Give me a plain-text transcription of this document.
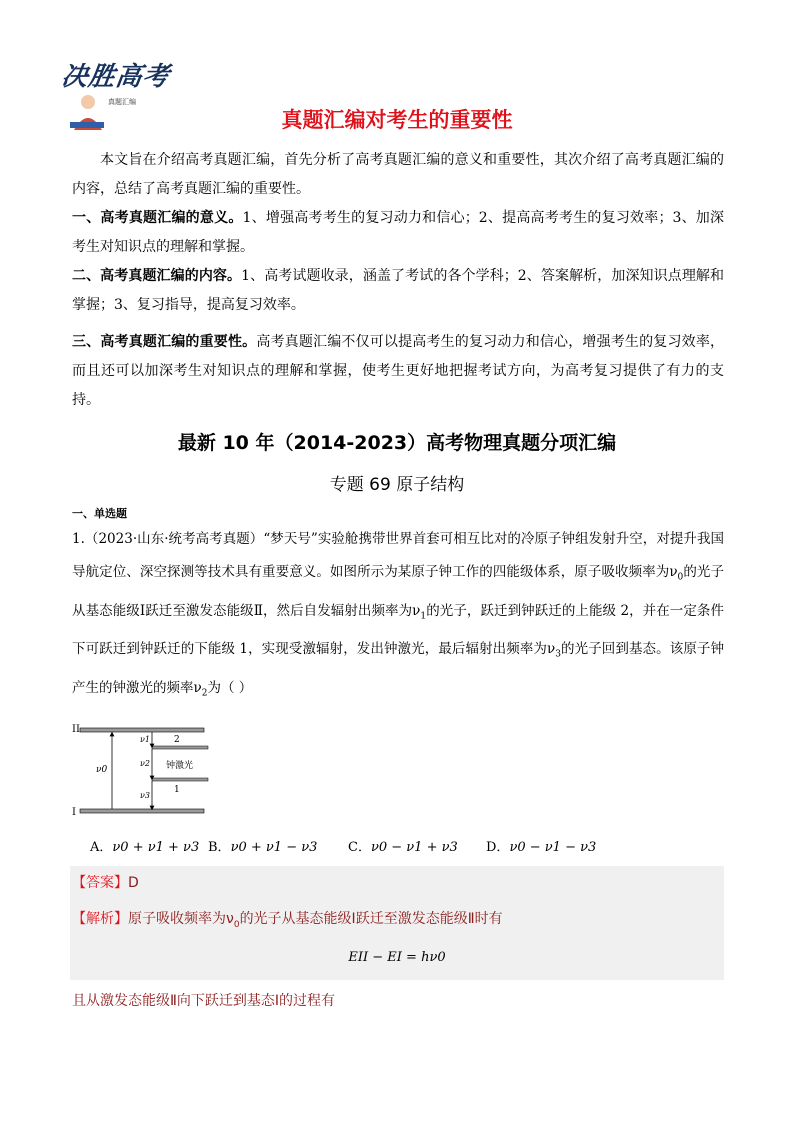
决胜高考
真题汇编
真题汇编对考生的重要性
本文旨在介绍高考真题汇编，首先分析了高考真题汇编的意义和重要性，其次介绍了高考真题汇编的内容，总结了高考真题汇编的重要性。
一、高考真题汇编的意义。1、增强高考考生的复习动力和信心；2、提高高考考生的复习效率；3、加深考生对知识点的理解和掌握。
二、高考真题汇编的内容。1、高考试题收录，涵盖了考试的各个学科；2、答案解析，加深知识点理解和掌握；3、复习指导，提高复习效率。
三、高考真题汇编的重要性。高考真题汇编不仅可以提高考生的复习动力和信心，增强考生的复习效率，而且还可以加深考生对知识点的理解和掌握，使考生更好地把握考试方向，为高考复习提供了有力的支持。
最新 10 年（2014-2023）高考物理真题分项汇编
专题 69 原子结构
一、单选题
1.（2023·山东·统考高考真题）“梦天号”实验舱携带世界首套可相互比对的冷原子钟组发射升空，对提升我国导航定位、深空探测等技术具有重要意义。如图所示为某原子钟工作的四能级体系，原子吸收频率为$\nu_0$的光子从基态能级Ⅰ跃迁至激发态能级Ⅱ，然后自发辐射出频率为$\nu_1$的光子，跃迁到钟跃迁的上能级 2，并在一定条件下可跃迁到钟跃迁的下能级 1，实现受激辐射，发出钟激光，最后辐射出频率为$\nu_3$的光子回到基态。该原子钟产生的钟激光的频率$\nu_2$为（ ）
II
I
2
1
ν0
ν1
ν2
ν3
钟激光
A．ν0 + ν1 + ν3 B．ν0 + ν1 − ν3 C．ν0 − ν1 + ν3 D．ν0 − ν1 − ν3
【答案】D
【解析】原子吸收频率为$\nu_0$的光子从基态能级Ⅰ跃迁至激发态能级Ⅱ时有
EII − EI = hν0
且从激发态能级Ⅱ向下跃迁到基态Ⅰ的过程有
